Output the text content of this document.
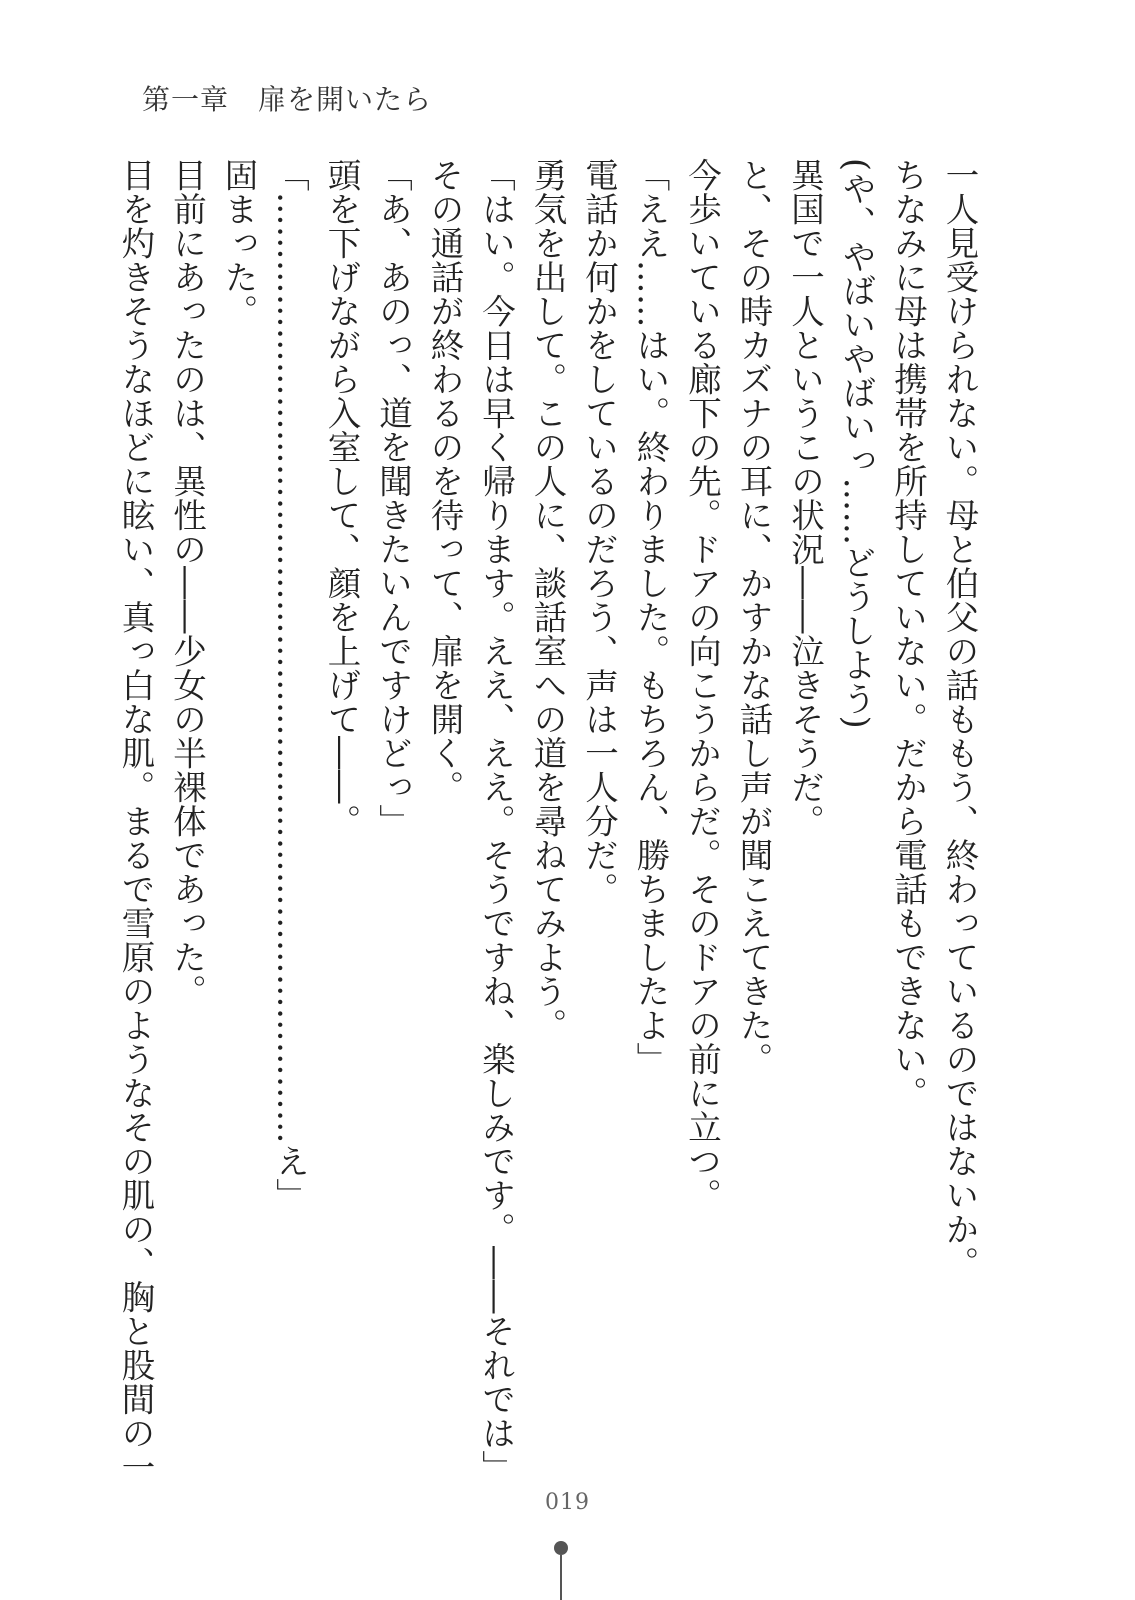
第一章　扉を開いたら
一人見受けられない。母と伯父の話ももう、終わっているのではないか。
ちなみに母は携帯を所持していない。だから電話もできない。
(や、やばいやばいっ……どうしよう)
異国で一人というこの状況――泣きそうだ。
と、その時カズナの耳に、かすかな話し声が聞こえてきた。
今歩いている廊下の先。ドアの向こうからだ。そのドアの前に立つ。
「ええ……はい。終わりました。もちろん、勝ちましたよ」
電話か何かをしているのだろう、声は一人分だ。
勇気を出して。この人に、談話室への道を尋ねてみよう。
「はい。今日は早く帰ります。ええ、ええ。そうですね、楽しみです。――それでは」
その通話が終わるのを待って、扉を開く。
「あ、あのっ、道を聞きたいんですけどっ」
頭を下げながら入室して、顔を上げて――。
「…………………………………………………………………………え」
固まった。
目前にあったのは、異性の――少女の半裸体であった。
目を灼きそうなほどに眩い、真っ白な肌。まるで雪原のようなその肌の、胸と股間の一
019
